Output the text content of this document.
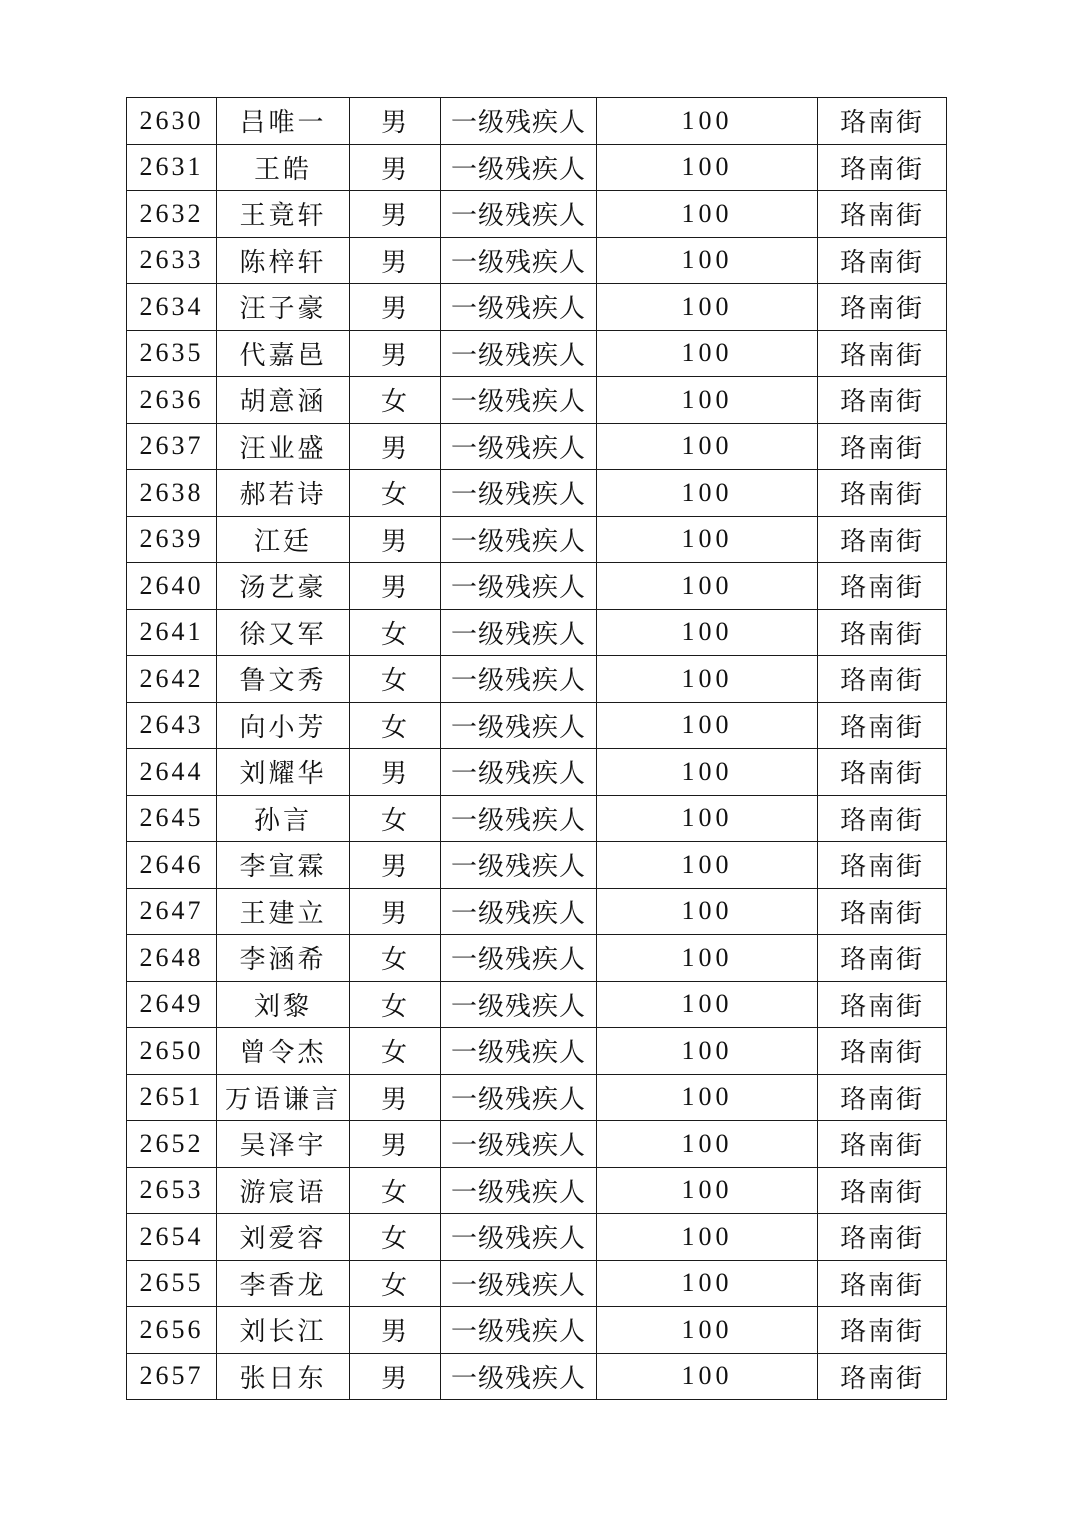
2630	吕唯一	男	一级残疾人	100	珞南街
2631	王皓	男	一级残疾人	100	珞南街
2632	王竟轩	男	一级残疾人	100	珞南街
2633	陈梓轩	男	一级残疾人	100	珞南街
2634	汪子豪	男	一级残疾人	100	珞南街
2635	代嘉邑	男	一级残疾人	100	珞南街
2636	胡意涵	女	一级残疾人	100	珞南街
2637	汪业盛	男	一级残疾人	100	珞南街
2638	郝若诗	女	一级残疾人	100	珞南街
2639	江廷	男	一级残疾人	100	珞南街
2640	汤艺豪	男	一级残疾人	100	珞南街
2641	徐又军	女	一级残疾人	100	珞南街
2642	鲁文秀	女	一级残疾人	100	珞南街
2643	向小芳	女	一级残疾人	100	珞南街
2644	刘耀华	男	一级残疾人	100	珞南街
2645	孙言	女	一级残疾人	100	珞南街
2646	李宣霖	男	一级残疾人	100	珞南街
2647	王建立	男	一级残疾人	100	珞南街
2648	李涵希	女	一级残疾人	100	珞南街
2649	刘黎	女	一级残疾人	100	珞南街
2650	曾令杰	女	一级残疾人	100	珞南街
2651	万语谦言	男	一级残疾人	100	珞南街
2652	吴泽宇	男	一级残疾人	100	珞南街
2653	游宸语	女	一级残疾人	100	珞南街
2654	刘爱容	女	一级残疾人	100	珞南街
2655	李香龙	女	一级残疾人	100	珞南街
2656	刘长江	男	一级残疾人	100	珞南街
2657	张日东	男	一级残疾人	100	珞南街
